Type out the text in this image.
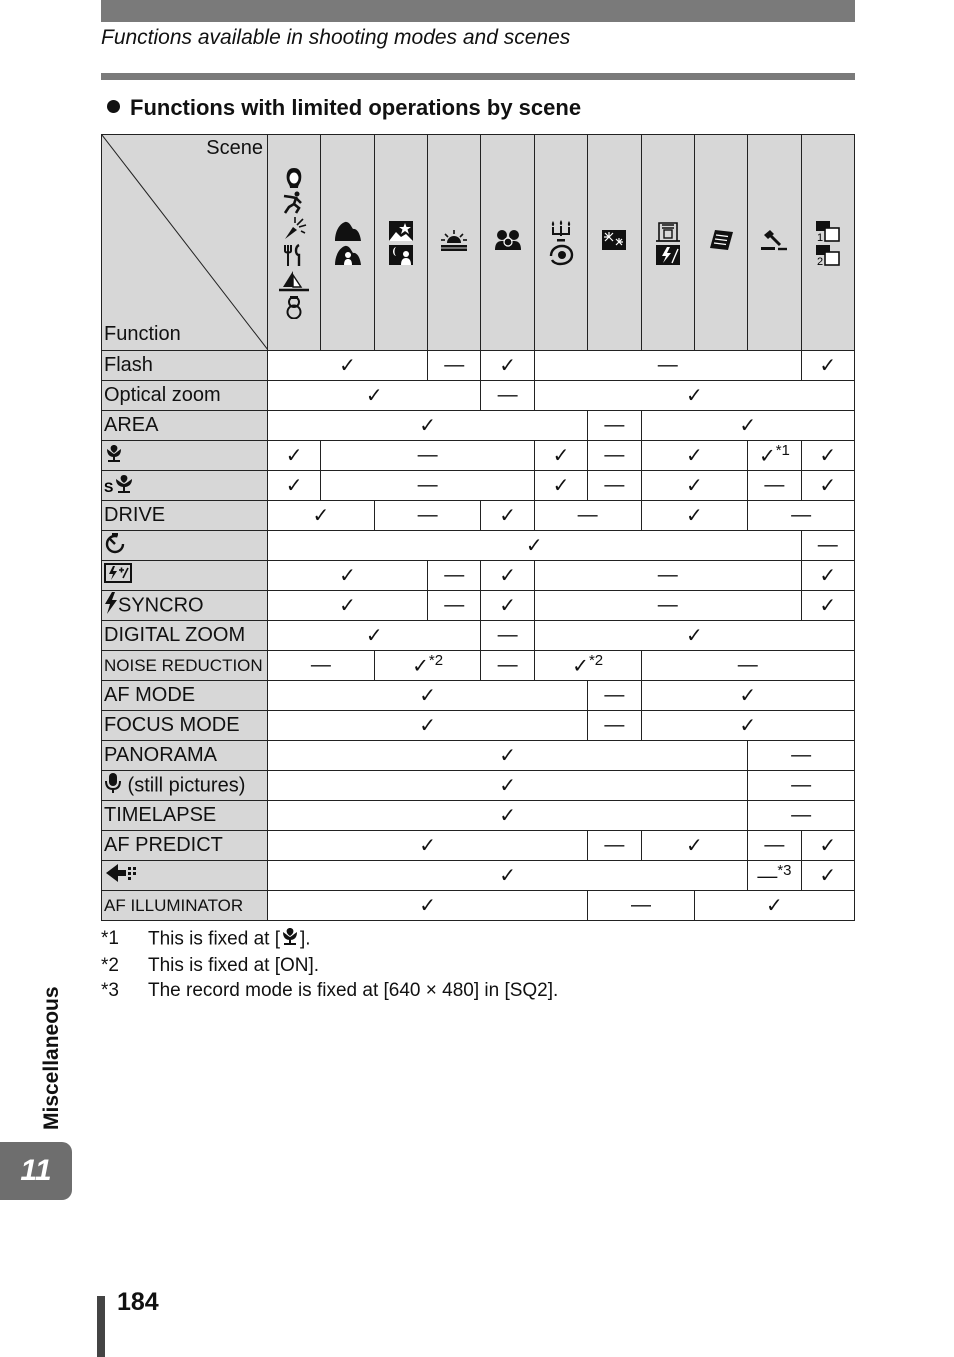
Functions available in shooting modes and scenes
Functions with limited operations by scene
Scene
Function											1
2

Flash	✓			—	✓	—					✓
Optical zoom	✓				—	✓					
AREA	✓						—	✓			
	✓	—				✓	—	✓		✓$^{*1}$	✓

S	✓	—				✓	—	✓		—	✓
DRIVE	✓		—		✓	—		✓		—	
	✓										—
	✓			—	✓	—					✓
SYNCRO	✓			—	✓	—					✓
DIGITAL ZOOM	✓				—	✓					
NOISE REDUCTION	—		✓$^{*2}$		—	✓$^{*2}$		—			
AF MODE	✓						—	✓			
FOCUS MODE	✓						—	✓			
PANORAMA	✓									—	
(still pictures)	✓									—	
TIMELAPSE	✓									—	
AF PREDICT	✓						—	✓		—	✓
	✓									—$^{*3}$	✓
AF ILLUMINATOR	✓						—		✓		
*1	This is fixed at [ ].
*2	This is fixed at [ON].
*3	The record mode is fixed at [640 × 480] in [SQ2].
Miscellaneous
11
184
